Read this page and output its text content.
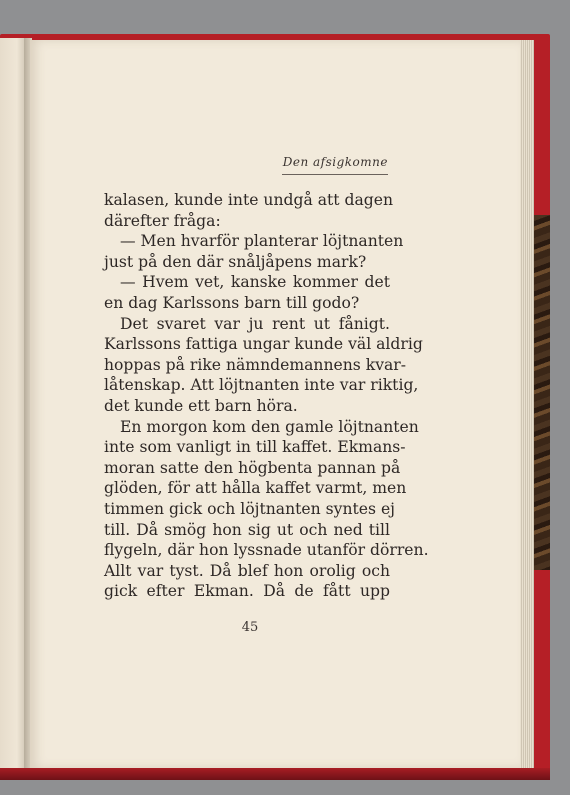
Den afsigkomne
kalasen, kunde inte undgå att dagen
därefter fråga:
— Men hvarför planterar löjtnanten
just på den där snåljåpens mark?
— Hvem vet, kanske kommer det
en dag Karlssons barn till godo?
Det svaret var ju rent ut fånigt.
Karlssons fattiga ungar kunde väl aldrig
hoppas på rike nämndemannens kvar-
låtenskap. Att löjtnanten inte var riktig,
det kunde ett barn höra.
En morgon kom den gamle löjtnanten
inte som vanligt in till kaffet. Ekmans-
moran satte den högbenta pannan på
glöden, för att hålla kaffet varmt, men
timmen gick och löjtnanten syntes ej
till. Då smög hon sig ut och ned till
flygeln, där hon lyssnade utanför dörren.
Allt var tyst. Då blef hon orolig och
gick efter Ekman. Då de fått upp
45
